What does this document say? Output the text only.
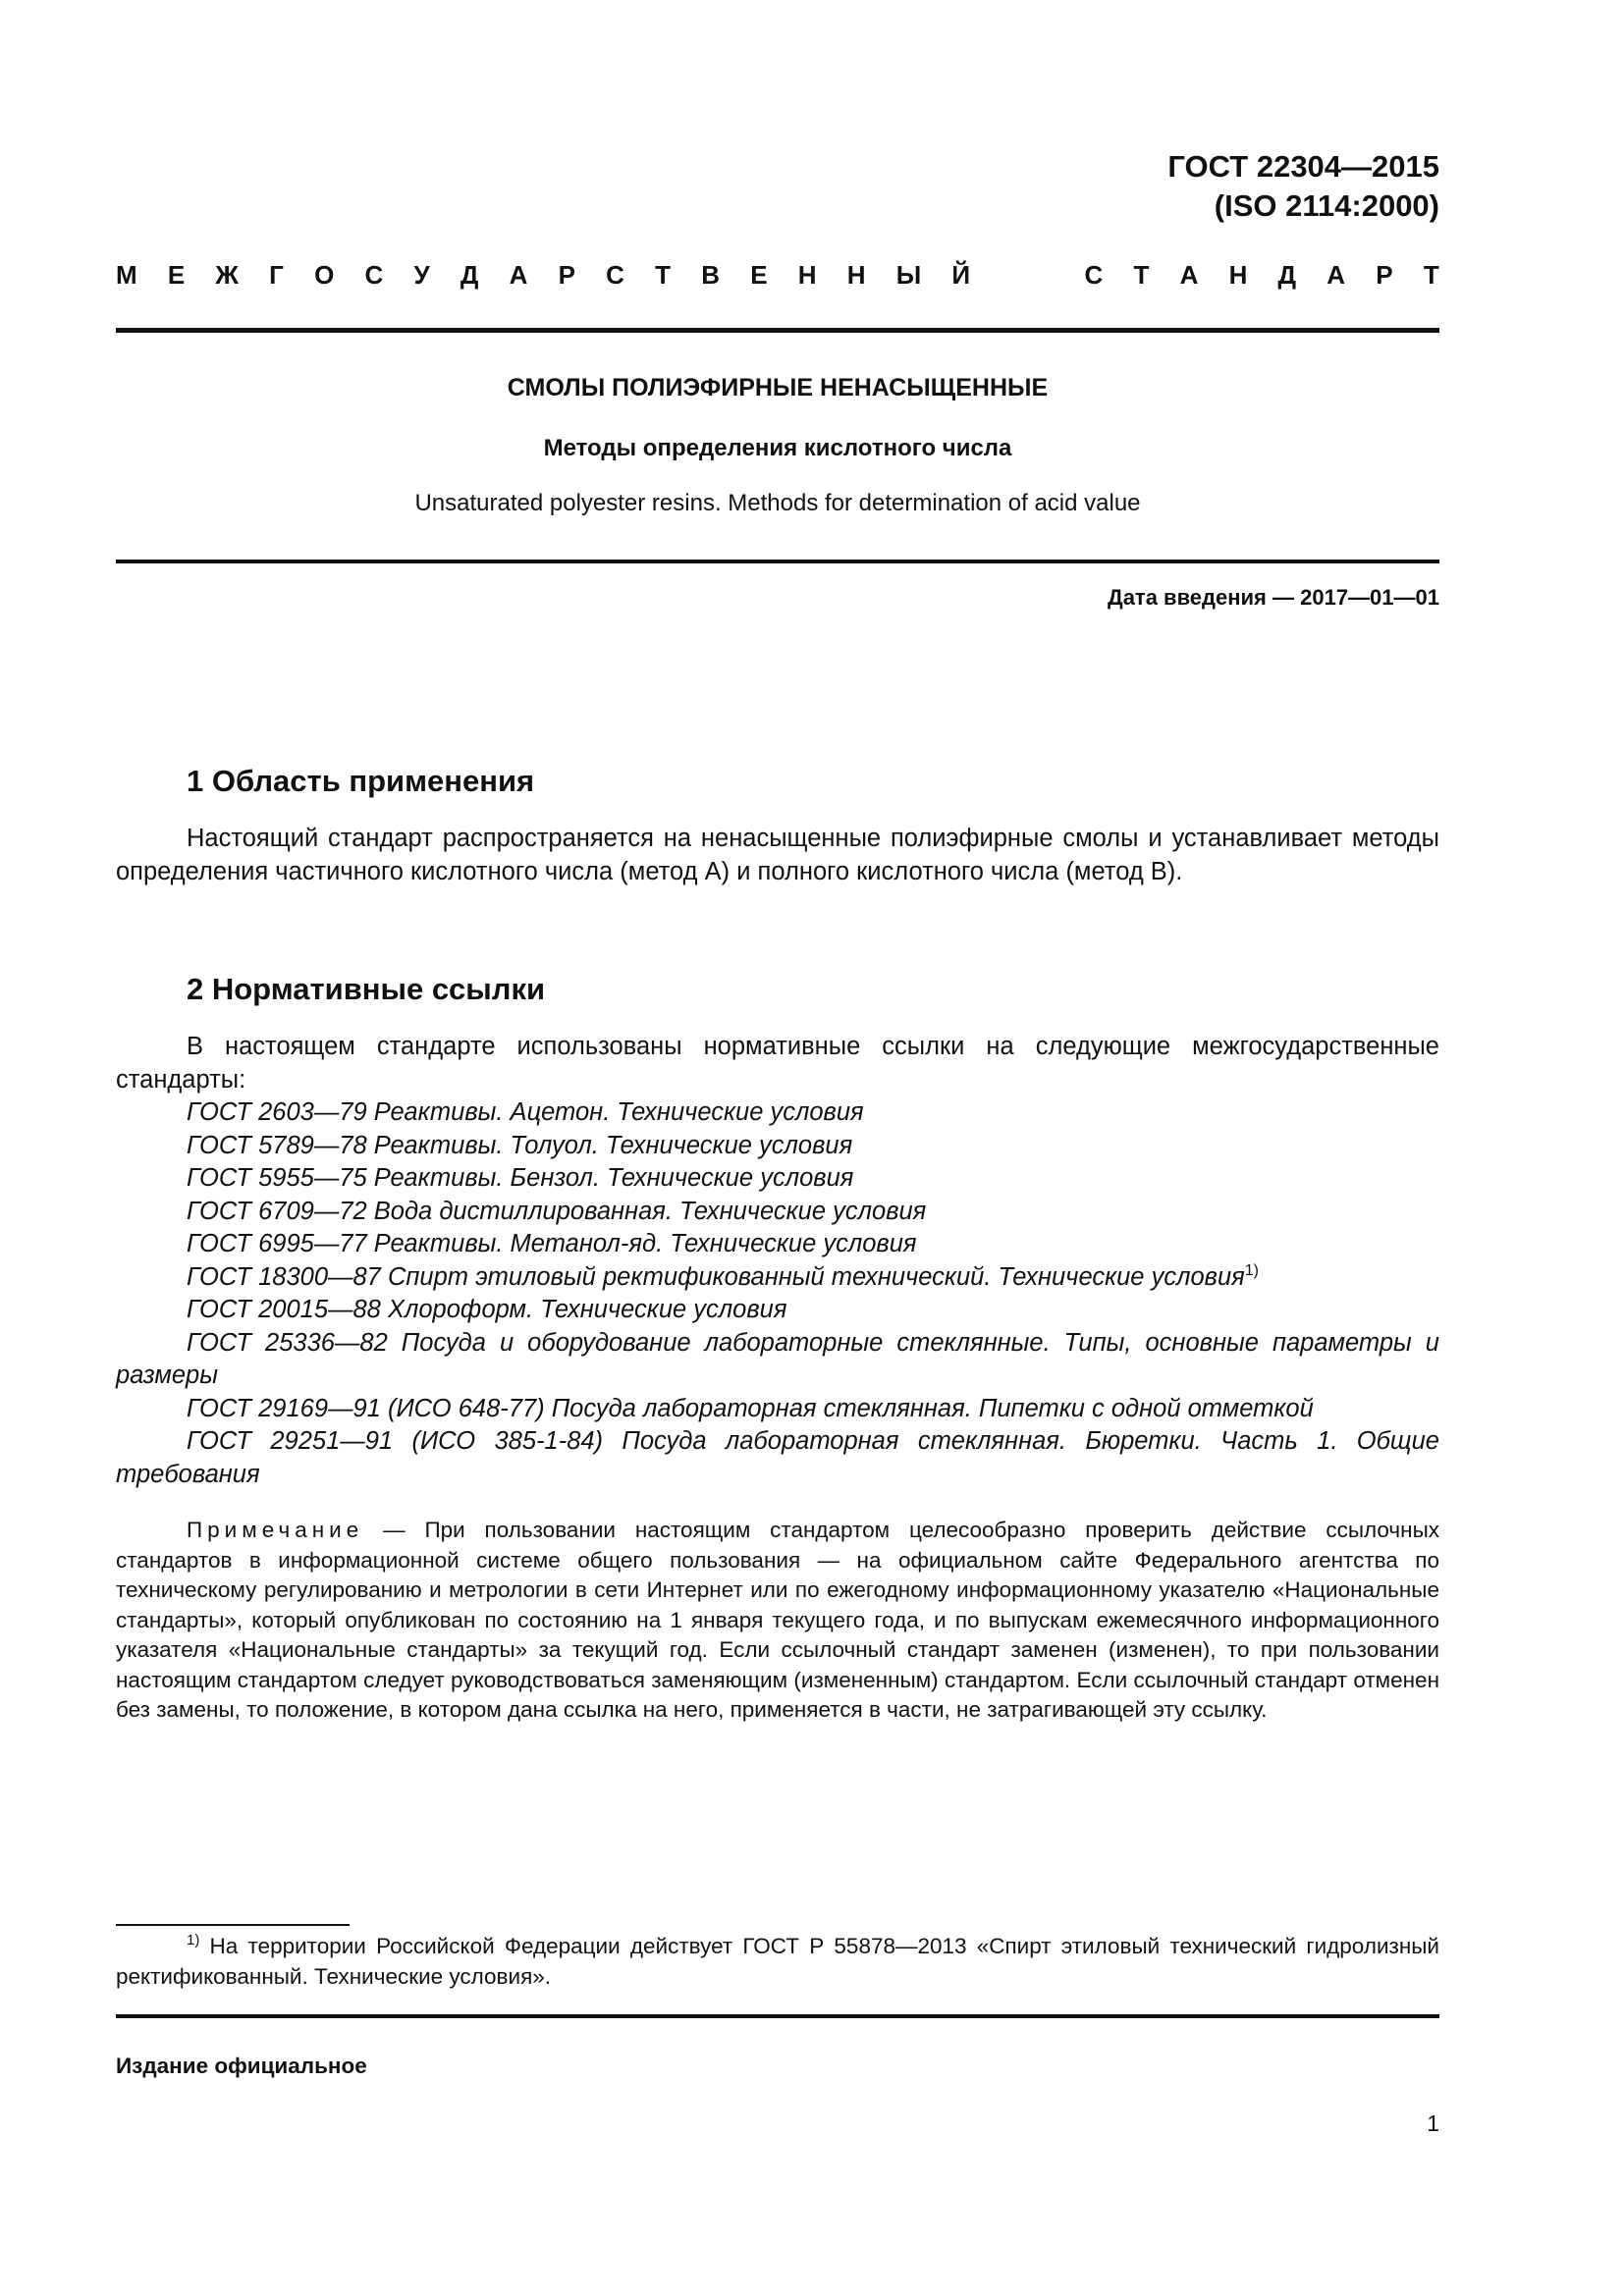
ГОСТ 22304—2015
(ISO 2114:2000)
М Е Ж Г О С У Д А Р С Т В Е Н Н Ы Й	С Т А Н Д А Р Т
СМОЛЫ ПОЛИЭФИРНЫЕ НЕНАСЫЩЕННЫЕ
Методы определения кислотного числа
Unsaturated polyester resins. Methods for determination of acid value
Дата введения — 2017—01—01
1 Область применения
Настоящий стандарт распространяется на ненасыщенные полиэфирные смолы и устанавливает методы определения частичного кислотного числа (метод А) и полного кислотного числа (метод В).
2 Нормативные ссылки
В настоящем стандарте использованы нормативные ссылки на следующие межгосударственные стандарты:
ГОСТ 2603—79 Реактивы. Ацетон. Технические условия
ГОСТ 5789—78 Реактивы. Толуол. Технические условия
ГОСТ 5955—75 Реактивы. Бензол. Технические условия
ГОСТ 6709—72 Вода дистиллированная. Технические условия
ГОСТ 6995—77 Реактивы. Метанол-яд. Технические условия
ГОСТ 18300—87 Спирт этиловый ректификованный технический. Технические условия$^{1)}$
ГОСТ 20015—88 Хлороформ. Технические условия
ГОСТ 25336—82 Посуда и оборудование лабораторные стеклянные. Типы, основные параметры и размеры
ГОСТ 29169—91 (ИСО 648-77) Посуда лабораторная стеклянная. Пипетки с одной отметкой
ГОСТ 29251—91 (ИСО 385-1-84) Посуда лабораторная стеклянная. Бюретки. Часть 1. Общие требования
Примечание — При пользовании настоящим стандартом целесообразно проверить действие ссылочных стандартов в информационной системе общего пользования — на официальном сайте Федерального агентства по техническому регулированию и метрологии в сети Интернет или по ежегодному информационному указателю «Национальные стандарты», который опубликован по состоянию на 1 января текущего года, и по выпускам ежемесячного информационного указателя «Национальные стандарты» за текущий год. Если ссылочный стандарт заменен (изменен), то при пользовании настоящим стандартом следует руководствоваться заменяющим (измененным) стандартом. Если ссылочный стандарт отменен без замены, то положение, в котором дана ссылка на него, применяется в части, не затрагивающей эту ссылку.
$^{1)}$ На территории Российской Федерации действует ГОСТ Р 55878—2013 «Спирт этиловый технический гидролизный ректификованный. Технические условия».
Издание официальное
1
